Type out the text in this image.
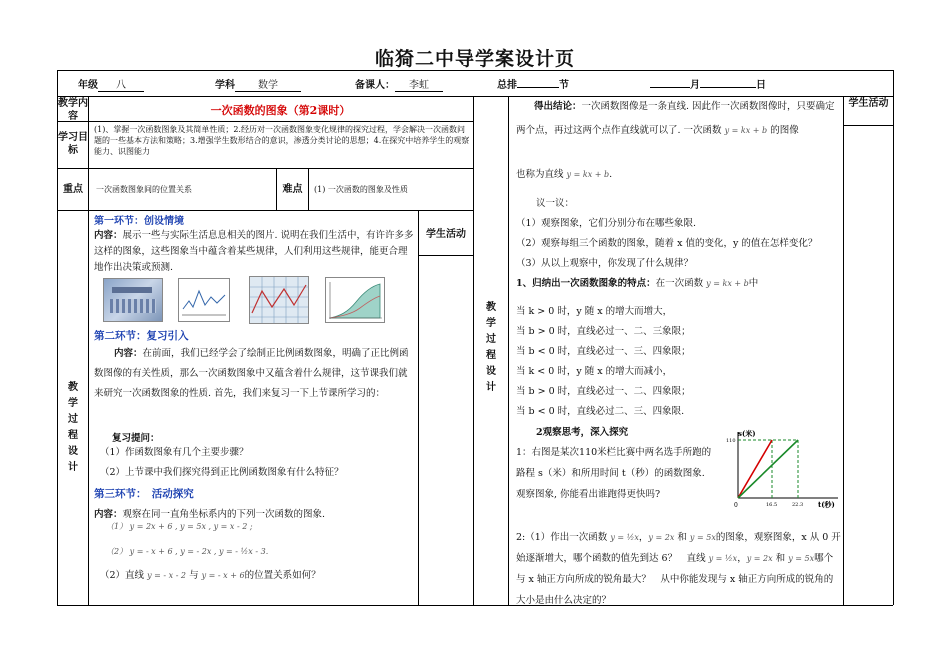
临猗二中导学案设计页
年级 八	学科 数学	备课人： 李虹	总排	节	月	日
教学内容	一次函数的图象（第2课时）
学习目标
(1)、掌握一次函数图象及其简单性质；2.经历对一次函数图象变化规律的探究过程，学会解决一次函数问题的一些基本方法和策略；3.增强学生数形结合的意识，渗透分类讨论的思想；4.在探究中培养学生的观察能力、识图能力
重点	一次函数图象间的位置关系	难点	(1) 一次函数的图象及性质
教
学
过
程
设
计
学生活动
第一环节：创设情境
内容：展示一些与实际生活息息相关的图片. 说明在我们生活中，有许许多多这样的图象，这些图象当中蕴含着某些规律，人们利用这些规律，能更合理地作出决策或预测.
第二环节：复习引入
内容：在前面，我们已经学会了绘制正比例函数图象，明确了正比例函数图像的有关性质，那么一次函数图象中又蕴含着什么规律，这节课我们就来研究一次函数图象的性质. 首先，我们来复习一下上节课所学习的：
复习提问：
（1）作函数图象有几个主要步骤？
（2）上节课中我们探究得到正比例函数图象有什么特征？
第三环节：　活动探究
内容：观察在同一直角坐标系内的下列一次函数的图象.
（1） y = 2x + 6 , y = 5x , y = x - 2 ;
（2） y = - x + 6 , y = - 2x , y = - ½x - 3.
（2）直线 y = - x - 2 与 y = - x + 6的位置关系如何？
教
学
过
程
设
计
学生活动
得出结论：一次函数图像是一条直线. 因此作一次函数图像时，只要确定两个点，再过这两个点作直线就可以了. 一次函数 y = kx + b 的图像
也称为直线 y = kx + b.
议一议：
（1）观察图象，它们分别分布在哪些象限.
（2）观察每组三个函数的图象，随着 x 值的变化，y 的值在怎样变化？
（3）从以上观察中，你发现了什么规律？
1、归纳出一次函数图象的特点：在一次函数 y = kx + b中
当 k > 0 时，y 随 x 的增大而增大，
当 b > 0 时，直线必过一、二、三象限；
当 b < 0 时，直线必过一、三、四象限；
当 k < 0 时，y 随 x 的增大而减小，
当 b > 0 时，直线必过一、二、四象限；
当 b < 0 时，直线必过二、三、四象限.
2观察思考，深入探究
1：右图是某次110米栏比赛中两名选手所跑的路程 s（米）和所用时间 t（秒）的函数图象. 观察图象, 你能看出谁跑得更快吗?
s(米)
110
0	16.5	22.3 t(秒)
2:（1）作出一次函数 y = ½x，y = 2x 和 y = 5x的图象，观察图象，x 从 0 开始逐渐增大，哪个函数的值先到达 6？　直线 y = ½x，y = 2x 和 y = 5x哪个与 x 轴正方向所成的锐角最大？　从中你能发现与 x 轴正方向所成的锐角的大小是由什么决定的？
